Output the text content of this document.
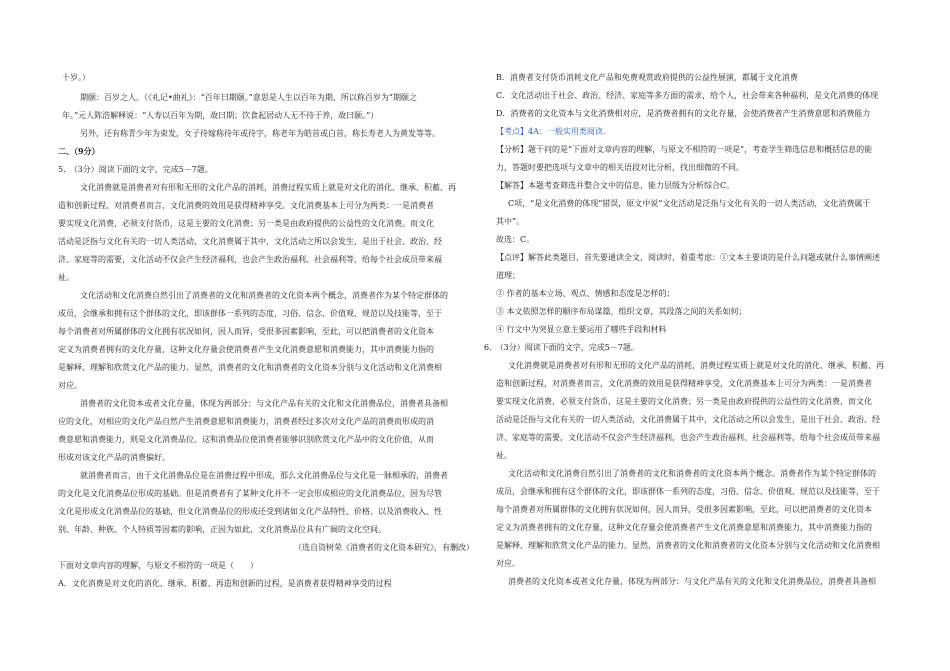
十岁。）
期颐：百岁之人。（《礼记•曲礼》：“百年曰期颐。”意思是人生以百年为期，所以称百岁为“期颐之
年。”元人陈浩解释说：“人寿以百年为期，故曰期；饮食起居动人无不待于养，故曰颐。”）
另外，还有称青少年为束发，女子待嫁称待年或待字，称老年为皓首或白首，称长寿老人为黄发等等。
二、（9分）
5.　（3分）阅读下面的文字，完成5－7题。
文化消费就是消费者对有形和无形的文化产品的消耗，消费过程实质上就是对文化的消化、继承、积蓄、再
造和创新过程，对消费者而言，文化消费的效用是获得精神享受。文化消费基本上可分为两类：一是消费者
要实现文化消费，必须支付货币，这是主要的文化消费；另一类是由政府提供的公益性的文化消费。而文化
活动是泛指与文化有关的一切人类活动，文化消费属于其中，文化活动之所以会发生，是出于社会、政治、经
济、家庭等的需要，文化活动不仅会产生经济福利，也会产生政治福利、社会福利等，给每个社会成员带来福
祉。
文化活动和文化消费自然引出了消费者的文化和消费者的文化资本两个概念，消费者作为某个特定群体的
成员，会继承和拥有这个群体的文化，即该群体一系列的态度，习俗、信念、价值观、规范以及技能等，至于
每个消费者对所属群体的文化拥有状况如何，因人而异，受很多因素影响，至此，可以把消费者的文化资本
定义为消费者拥有的文化存量，这种文化存量会使消费者产生文化消费意愿和消费能力，其中消费能力指的
是解释、理解和欣赏文化产品的能力。显然，消费者的文化和消费者的文化资本分别与文化活动和文化消费相
对应。
消费者的文化资本或者文化存量，体现为两部分：与文化产品有关的文化和文化消费品位，消费者具备相
应的文化，对相应的文化产品自然产生消费意愿和消费能力，消费者经过多次对文化产品的消费而形成的消
费意愿和消费能力，则是文化消费品位，这和消费品位使消费者能够识别欣赏文化产品中的文化价值，从而
形成对该文化产品的消费偏好。
就消费者而言，由于文化消费品位是在消费过程中形成，那么文化消费品位与文化是一脉相承的，消费者
的文化是文化消费品位形成的基础。但是消费者有了某种文化并不一定会形成相应的文化消费品位，因为尽管
文化是形成文化消费品位的基础，但文化消费品位的形成还受到诸如文化产品特性、价格、以及消费收入、性
别、年龄、种族、个人特质等因素的影响，正因为如此，文化消费品位具有广阔的文化空间。
（选自资树荣《消费者的文化资本研究》，有删改）
下面对文章内容的理解，与原文不相符的一项是（　　）
A．文化消费是对文化的消化、继承、积蓄、再造和创新的过程，是消费者获得精神享受的过程
B．消费者支付货币消耗文化产品和免费观赏政府提供的公益性展演，都属于文化消费
C．文化活动出于社会、政治、经济、家庭等多方面的需求，给个人，社会带来各种福利，是文化消费的体现
D．消费者的文化资本与文化消费相对应，是消费者拥有的文化存量，会使消费者产生消费意愿和消费能力
【考点】4A：一般实用类阅读.
【分析】题干问的是“下面对文章内容的理解，与原文不相符的一项是”，考查学生筛选信息和概括信息的能
力，答题时要把选项与文章中的相关语段对比分析，找出细微的不同。
【解答】本题考查筛选并整合文中的信息，能力层级为分析综合C。
C项，“是文化消费的体现”错误，原文中说“文化活动是泛指与文化有关的一切人类活动，文化消费属于
其中”。
故选：C。
【点评】解答此类题目，首先要通读全文，阅读时，着重考虑：①文本主要谈的是什么问题或就什么事情阐述
道理；
② 作者的基本立场、观点、情感和态度是怎样的；
③ 本文依照怎样的顺序布局谋篇，组织文章，其段落之间的关系如何；
④ 行文中为突显立意主要运用了哪些手段和材料
6.　（3分）阅读下面的文字，完成5－7题。
文化消费就是消费者对有形和无形的文化产品的消耗，消费过程实质上就是对文化的消化、继承、积蓄、再
造和创新过程，对消费者而言，文化消费的效用是获得精神享受，文化消费基本上可分为两类：一是消费者
要实现文化消费，必须支付货币，这是主要的文化消费；另一类是由政府提供的公益性的文化消费，而文化
活动是泛指与文化有关的一切人类活动，文化消费属于其中，文化活动之所以会发生，是出于社会、政治、经
济、家庭等的需要，文化活动不仅会产生经济福利，也会产生政治福利、社会福利等，给每个社会成员带来福
祉。
文化活动和文化消费自然引出了消费者的文化和消费者的文化资本两个概念。消费者作为某个特定群体的
成员，会继承和拥有这个群体的文化，即该群体一系列的态度，习俗、信念、价值观、规范以及技能等，至于
每个消费者对所属群体的文化拥有状况如何，因人而异，受很多因素影响，至此，可以把消费者的文化资本
定义为消费者拥有的文化存量，这种文化存量会使消费者产生文化消费意愿和消费能力，其中消费能力指的
是解释、理解和欣赏文化产品的能力。显然，消费者的文化和消费者的文化资本分别与文化活动和文化消费相
对应。
消费者的文化资本或者文化存量，体现为两部分：与文化产品有关的文化和文化消费品位，消费者具备相
